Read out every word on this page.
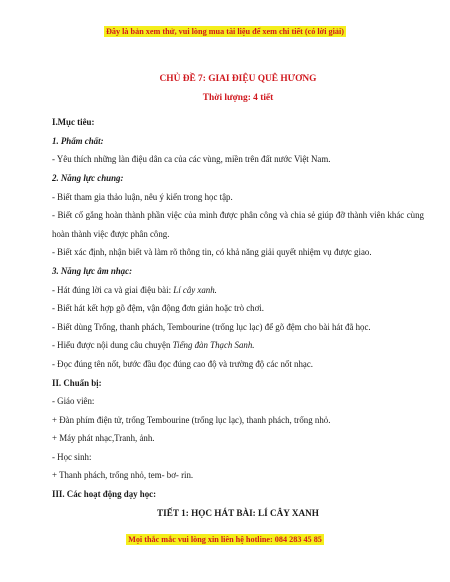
Đây là bản xem thử, vui lòng mua tài liệu để xem chi tiết (có lời giải)
CHỦ ĐỀ 7: GIAI ĐIỆU QUÊ HƯƠNG
Thời lượng: 4 tiết

I.Mục tiêu:

1. Phẩm chất:

- Yêu thích những làn điệu dân ca của các vùng, miền trên đất nước Việt Nam.

2. Năng lực chung:

- Biết tham gia thảo luận, nêu ý kiến trong học tập.

- Biết cố gắng hoàn thành phần việc của mình được phân công và chia sẻ giúp đỡ thành viên khác cùng hoàn thành việc được phân công.

- Biết xác định, nhận biết và làm rõ thông tin, có khả năng giải quyết nhiệm vụ được giao.

3. Năng lực âm nhạc:

- Hát đúng lời ca và giai điệu bài: Lí cây xanh.

- Biết hát kết hợp gõ đệm, vận động đơn giản hoặc trò chơi.

- Biết dùng Trống, thanh phách, Tembourine (trống lục lạc) để gõ đệm cho bài hát đã học.

- Hiểu được nội dung câu chuyện Tiếng đàn Thạch Sanh.

- Đọc đúng tên nốt, bước đầu đọc đúng cao độ và trường độ các nốt nhạc.

II. Chuẩn bị:

- Giáo viên:

+ Đàn phím điện tử, trống Tembourine (trống lục lạc), thanh phách, trống nhỏ.

+ Máy phát nhạc,Tranh, ảnh.

- Học sinh:

+ Thanh phách, trống nhỏ, tem- bơ- rin.

III. Các hoạt động dạy học:

TIẾT 1: HỌC HÁT BÀI: LÍ CÂY XANH
Mọi thắc mắc vui lòng xin liên hệ hotline: 084 283 45 85
